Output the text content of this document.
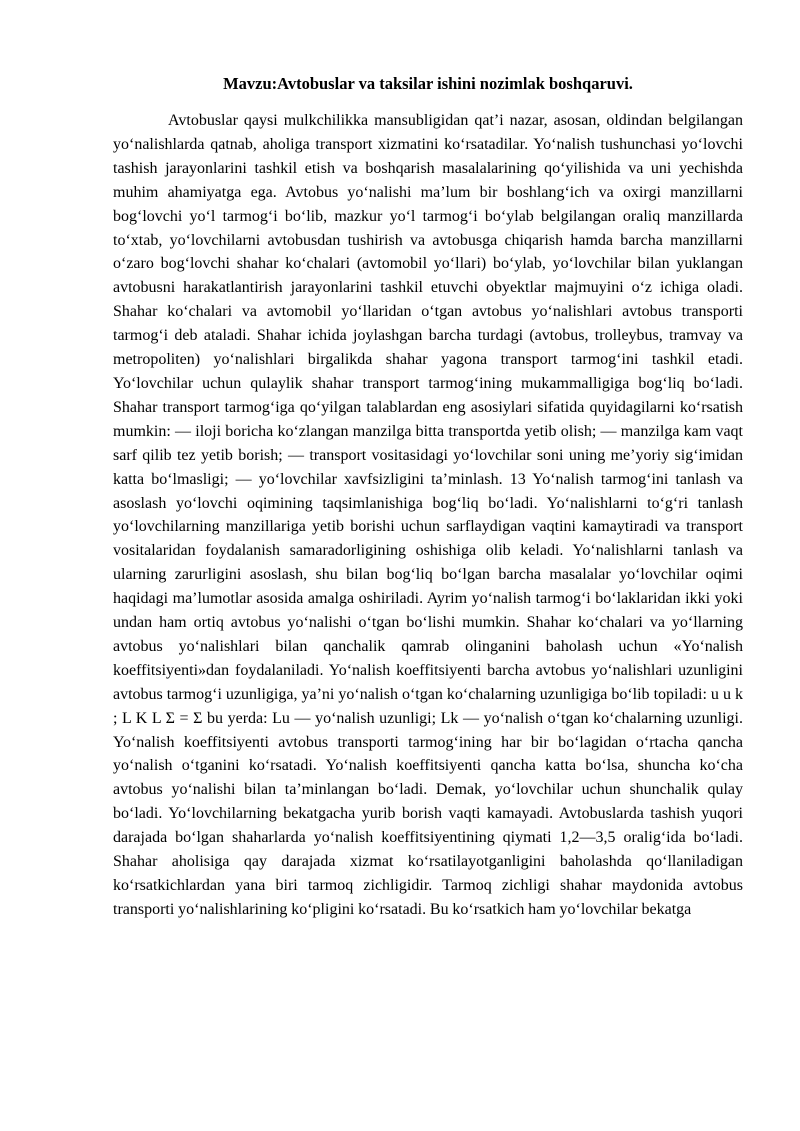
Mavzu:Avtobuslar va taksilar ishini nozimlak boshqaruvi.

Avtobuslar qaysi mulkchilikka mansubligidan qat’i nazar, asosan, oldindan belgilangan yo‘nalishlarda qatnab, aholiga transport xizmatini ko‘rsatadilar. Yo‘nalish tushunchasi yo‘lovchi tashish jarayonlarini tashkil etish va boshqarish masalalarining qo‘yilishida va uni yechishda muhim ahamiyatga ega. Avtobus yo‘nalishi ma’lum bir boshlang‘ich va oxirgi manzillarni bog‘lovchi yo‘l tarmog‘i bo‘lib, mazkur yo‘l tarmog‘i bo‘ylab belgilangan oraliq manzillarda to‘xtab, yo‘lovchilarni avtobusdan tushirish va avtobusga chiqarish hamda barcha manzillarni o‘zaro bog‘lovchi shahar ko‘chalari (avtomobil yo‘llari) bo‘ylab, yo‘lovchilar bilan yuklangan avtobusni harakatlantirish jarayonlarini tashkil etuvchi obyektlar majmuyini o‘z ichiga oladi. Shahar ko‘chalari va avtomobil yo‘llaridan o‘tgan avtobus yo‘nalishlari avtobus transporti tarmog‘i deb ataladi. Shahar ichida joylashgan barcha turdagi (avtobus, trolleybus, tramvay va metropoliten) yo‘nalishlari birgalikda shahar yagona transport tarmog‘ini tashkil etadi. Yo‘lovchilar uchun qulaylik shahar transport tarmog‘ining mukammalligiga bog‘liq bo‘ladi. Shahar transport tarmog‘iga qo‘yilgan talablardan eng asosiylari sifatida quyidagilarni ko‘rsatish mumkin: — iloji boricha ko‘zlangan manzilga bitta transportda yetib olish; — manzilga kam vaqt sarf qilib tez yetib borish; — transport vositasidagi yo‘lovchilar soni uning me’yoriy sig‘imidan katta bo‘lmasligi; — yo‘lovchilar xavfsizligini ta’minlash. 13 Yo‘nalish tarmog‘ini tanlash va asoslash yo‘lovchi oqimining taqsimlanishiga bog‘liq bo‘ladi. Yo‘nalishlarni to‘g‘ri tanlash yo‘lovchilarning manzillariga yetib borishi uchun sarflaydigan vaqtini kamaytiradi va transport vositalaridan foydalanish samaradorligining oshishiga olib keladi. Yo‘nalishlarni tanlash va ularning zarurligini asoslash, shu bilan bog‘liq bo‘lgan barcha masalalar yo‘lovchilar oqimi haqidagi ma’lumotlar asosida amalga oshiriladi. Ayrim yo‘nalish tarmog‘i bo‘laklaridan ikki yoki undan ham ortiq avtobus yo‘nalishi o‘tgan bo‘lishi mumkin. Shahar ko‘chalari va yo‘llarning avtobus yo‘nalishlari bilan qanchalik qamrab olinganini baholash uchun «Yo‘nalish koeffitsiyenti»dan foydalaniladi. Yo‘nalish koeffitsiyenti barcha avtobus yo‘nalishlari uzunligini avtobus tarmog‘i uzunligiga, ya’ni yo‘nalish o‘tgan ko‘chalarning uzunligiga bo‘lib topiladi: u u k ; L K L Σ = Σ bu yerda: Lu — yo‘nalish uzunligi; Lk — yo‘nalish o‘tgan ko‘chalarning uzunligi. Yo‘nalish koeffitsiyenti avtobus transporti tarmog‘ining har bir bo‘lagidan o‘rtacha qancha yo‘nalish o‘tganini ko‘rsatadi. Yo‘nalish koeffitsiyenti qancha katta bo‘lsa, shuncha ko‘cha avtobus yo‘nalishi bilan ta’minlangan bo‘ladi. Demak, yo‘lovchilar uchun shunchalik qulay bo‘ladi. Yo‘lovchilarning bekatgacha yurib borish vaqti kamayadi. Avtobuslarda tashish yuqori darajada bo‘lgan shaharlarda yo‘nalish koeffitsiyentining qiymati 1,2—3,5 oralig‘ida bo‘ladi. Shahar aholisiga qay darajada xizmat ko‘rsatilayotganligini baholashda qo‘llaniladigan ko‘rsatkichlardan yana biri tarmoq zichligidir. Tarmoq zichligi shahar maydonida avtobus transporti yo‘nalishlarining ko‘pligini ko‘rsatadi. Bu ko‘rsatkich ham yo‘lovchilar bekatga
